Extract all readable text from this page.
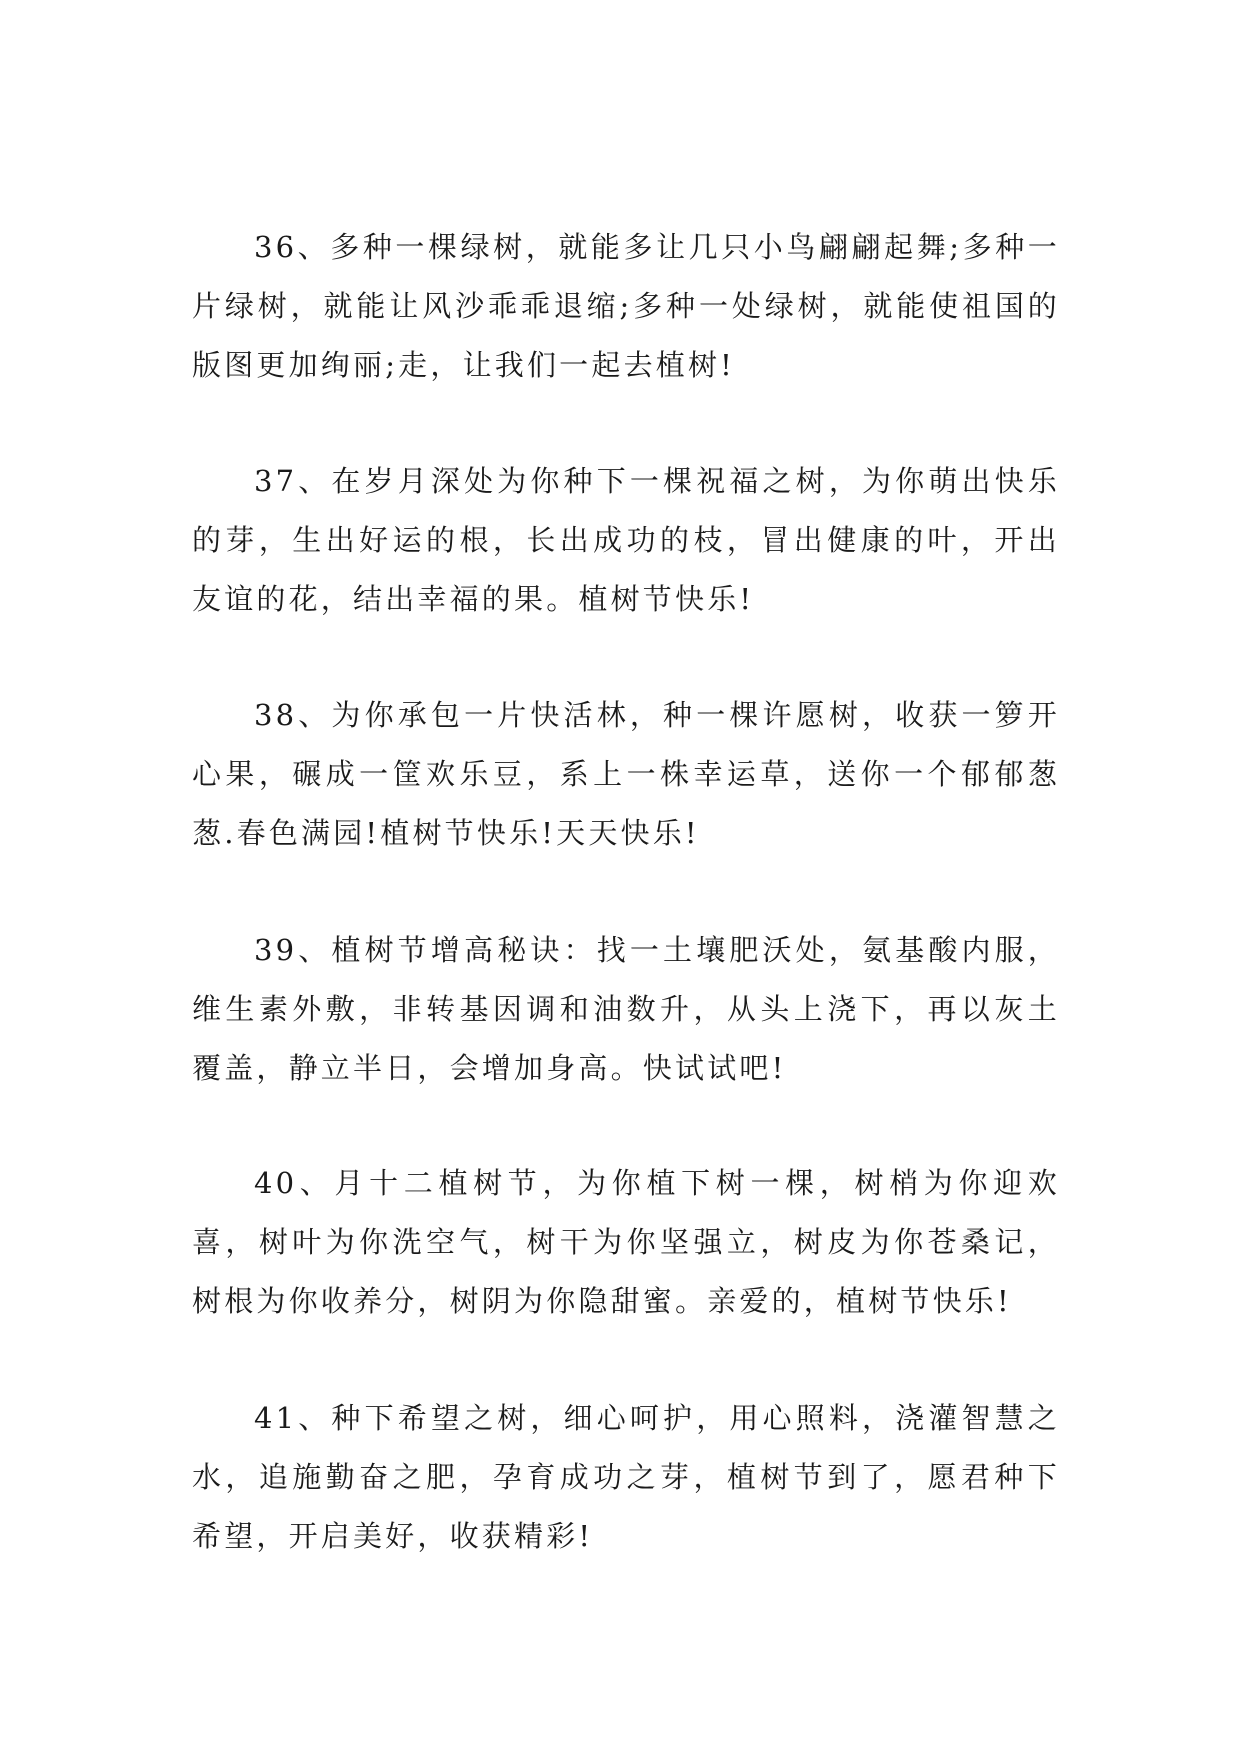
36、多种一棵绿树，就能多让几只小鸟翩翩起舞;多种一片绿树，就能让风沙乖乖退缩;多种一处绿树，就能使祖国的版图更加绚丽;走，让我们一起去植树!

37、在岁月深处为你种下一棵祝福之树，为你萌出快乐的芽，生出好运的根，长出成功的枝，冒出健康的叶，开出友谊的花，结出幸福的果。植树节快乐!

38、为你承包一片快活林，种一棵许愿树，收获一箩开心果，碾成一筐欢乐豆，系上一株幸运草，送你一个郁郁葱葱.春色满园!植树节快乐!天天快乐!

39、植树节增高秘诀：找一土壤肥沃处，氨基酸内服，维生素外敷，非转基因调和油数升，从头上浇下，再以灰土覆盖，静立半日，会增加身高。快试试吧!

40、月十二植树节，为你植下树一棵，树梢为你迎欢喜，树叶为你洗空气，树干为你坚强立，树皮为你苍桑记，树根为你收养分，树阴为你隐甜蜜。亲爱的，植树节快乐!

41、种下希望之树，细心呵护，用心照料，浇灌智慧之水，追施勤奋之肥，孕育成功之芽，植树节到了，愿君种下希望，开启美好，收获精彩!
